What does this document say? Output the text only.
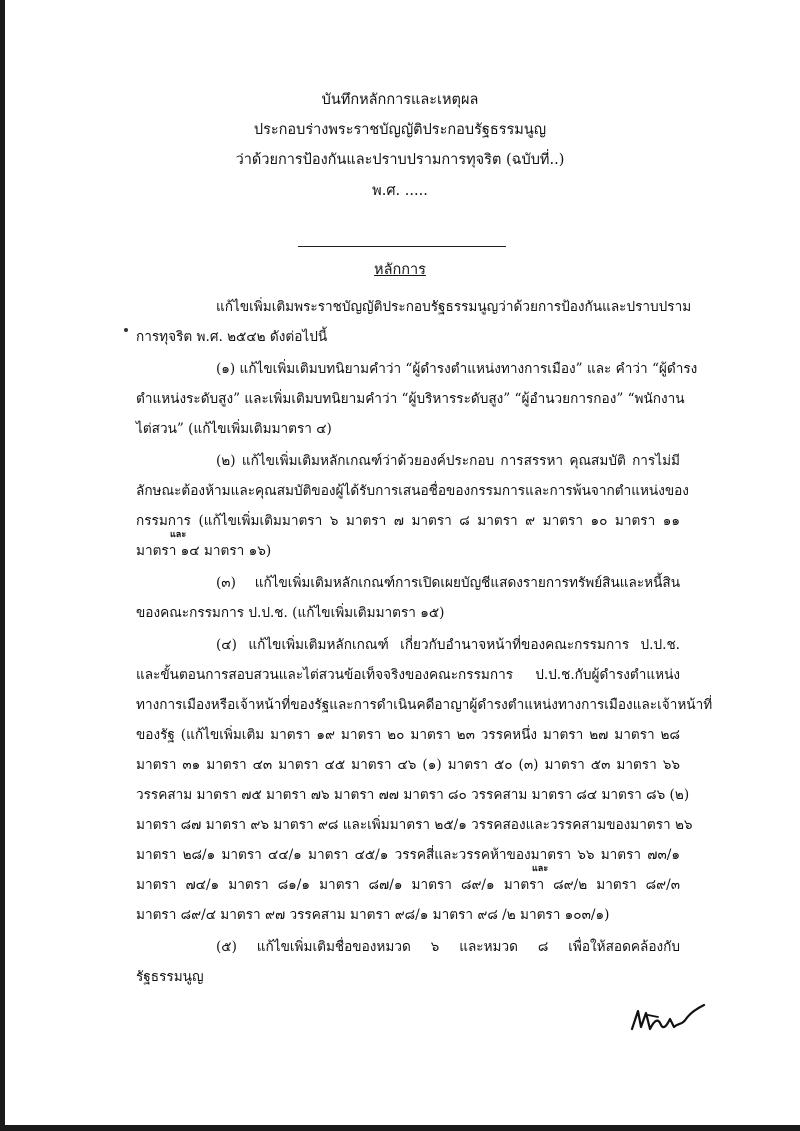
บันทึกหลักการและเหตุผล
ประกอบร่างพระราชบัญญัติประกอบรัฐธรรมนูญ
ว่าด้วยการป้องกันและปราบปรามการทุจริต (ฉบับที่..)
พ.ศ. .....
หลักการ
แก้ไขเพิ่มเติมพระราชบัญญัติประกอบรัฐธรรมนูญว่าด้วยการป้องกันและปราบปราม
การทุจริต พ.ศ. ๒๕๔๒ ดังต่อไปนี้
(๑) แก้ไขเพิ่มเติมบทนิยามคำว่า “ผู้ดำรงตำแหน่งทางการเมือง” และ คำว่า “ผู้ดำรง
ตำแหน่งระดับสูง” และเพิ่มเติมบทนิยามคำว่า “ผู้บริหารระดับสูง” “ผู้อำนวยการกอง” “พนักงาน
ไต่สวน” (แก้ไขเพิ่มเติมมาตรา ๔)
(๒) แก้ไขเพิ่มเติมหลักเกณฑ์ว่าด้วยองค์ประกอบ การสรรหา คุณสมบัติ การไม่มี
ลักษณะต้องห้ามและคุณสมบัติของผู้ได้รับการเสนอชื่อของกรรมการและการพ้นจากตำแหน่งของ
กรรมการ (แก้ไขเพิ่มเติมมาตรา ๖ มาตรา ๗ มาตรา ๘ มาตรา ๙ มาตรา ๑๐ มาตรา ๑๑
และ
มาตรา ๑๔ มาตรา ๑๖)
(๓) แก้ไขเพิ่มเติมหลักเกณฑ์การเปิดเผยบัญชีแสดงรายการทรัพย์สินและหนี้สิน
ของคณะกรรมการ ป.ป.ช. (แก้ไขเพิ่มเติมมาตรา ๑๕)
(๔) แก้ไขเพิ่มเติมหลักเกณฑ์ เกี่ยวกับอำนาจหน้าที่ของคณะกรรมการ ป.ป.ช.
และขั้นตอนการสอบสวนและไต่สวนข้อเท็จจริงของคณะกรรมการ ป.ป.ช.กับผู้ดำรงตำแหน่ง
ทางการเมืองหรือเจ้าหน้าที่ของรัฐและการดำเนินคดีอาญาผู้ดำรงตำแหน่งทางการเมืองและเจ้าหน้าที่
ของรัฐ (แก้ไขเพิ่มเติม มาตรา ๑๙ มาตรา ๒๐ มาตรา ๒๓ วรรคหนึ่ง มาตรา ๒๗ มาตรา ๒๘
มาตรา ๓๑ มาตรา ๔๓ มาตรา ๔๕ มาตรา ๔๖ (๑) มาตรา ๕๐ (๓) มาตรา ๕๓ มาตรา ๖๖
วรรคสาม มาตรา ๗๕ มาตรา ๗๖ มาตรา ๗๗ มาตรา ๘๐ วรรคสาม มาตรา ๘๔ มาตรา ๘๖ (๒)
มาตรา ๘๗ มาตรา ๙๖ มาตรา ๙๘ และเพิ่มมาตรา ๒๕/๑ วรรคสองและวรรคสามของมาตรา ๒๖
มาตรา ๒๘/๑ มาตรา ๔๔/๑ มาตรา ๔๕/๑ วรรคสี่และวรรคห้าของมาตรา ๖๖ มาตรา ๗๓/๑
มาตรา ๗๔/๑ มาตรา ๘๑/๑ มาตรา ๘๗/๑ มาตรา ๘๙/๑ มาตรา ๘๙/๒ มาตรา ๘๙/๓
และ
มาตรา ๘๙/๔ มาตรา ๙๗ วรรคสาม มาตรา ๙๘/๑ มาตรา ๙๘ /๒ มาตรา ๑๐๓/๑)
(๕) แก้ไขเพิ่มเติมชื่อของหมวด ๖ และหมวด ๘ เพื่อให้สอดคล้องกับ
รัฐธรรมนูญ
